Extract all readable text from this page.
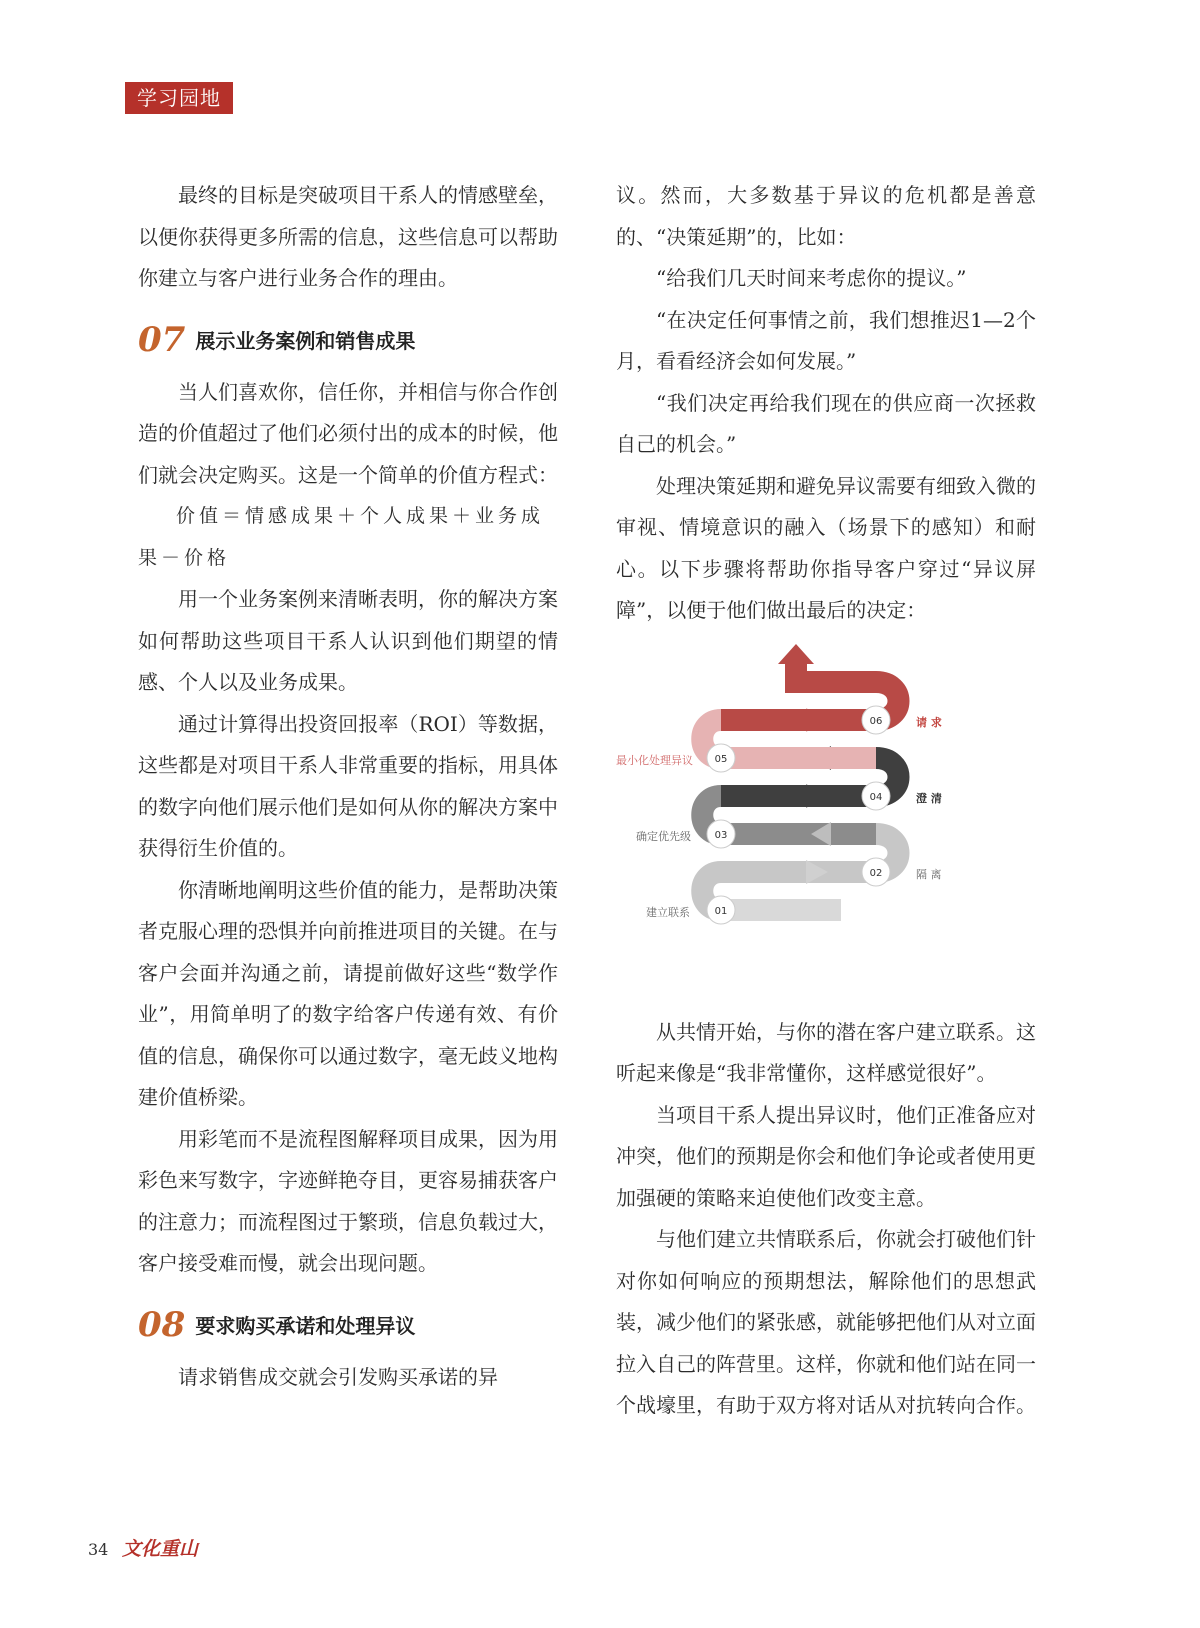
学习园地

最终的目标是突破项目干系人的情感壁垒，以便你获得更多所需的信息，这些信息可以帮助你建立与客户进行业务合作的理由。

07 展示业务案例和销售成果

当人们喜欢你，信任你，并相信与你合作创造的价值超过了他们必须付出的成本的时候，他们就会决定购买。这是一个简单的价值方程式：

价值＝情感成果＋个人成果＋业务成果－价格

用一个业务案例来清晰表明，你的解决方案如何帮助这些项目干系人认识到他们期望的情感、个人以及业务成果。

通过计算得出投资回报率（ROI）等数据，这些都是对项目干系人非常重要的指标，用具体的数字向他们展示他们是如何从你的解决方案中获得衍生价值的。

你清晰地阐明这些价值的能力，是帮助决策者克服心理的恐惧并向前推进项目的关键。在与客户会面并沟通之前，请提前做好这些“数学作业”，用简单明了的数字给客户传递有效、有价值的信息，确保你可以通过数字，毫无歧义地构建价值桥梁。

用彩笔而不是流程图解释项目成果，因为用彩色来写数字，字迹鲜艳夺目，更容易捕获客户的注意力；而流程图过于繁琐，信息负载过大，客户接受难而慢，就会出现问题。

08 要求购买承诺和处理异议

请求销售成交就会引发购买承诺的异

议。然而，大多数基于异议的危机都是善意的、“决策延期”的，比如：

“给我们几天时间来考虑你的提议。”

“在决定任何事情之前，我们想推迟1—2个月，看看经济会如何发展。”

“我们决定再给我们现在的供应商一次拯救自己的机会。”

处理决策延期和避免异议需要有细致入微的审视、情境意识的融入（场景下的感知）和耐心。以下步骤将帮助你指导客户穿过“异议屏障”，以便于他们做出最后的决定：

01
02
03
04
05
06
建立联系
隔 离
确定优先级
澄 清
最小化处理异议
请 求

从共情开始，与你的潜在客户建立联系。这听起来像是“我非常懂你，这样感觉很好”。

当项目干系人提出异议时，他们正准备应对冲突，他们的预期是你会和他们争论或者使用更加强硬的策略来迫使他们改变主意。

与他们建立共情联系后，你就会打破他们针对你如何响应的预期想法，解除他们的思想武装，减少他们的紧张感，就能够把他们从对立面拉入自己的阵营里。这样，你就和他们站在同一个战壕里，有助于双方将对话从对抗转向合作。

34 文化重山
